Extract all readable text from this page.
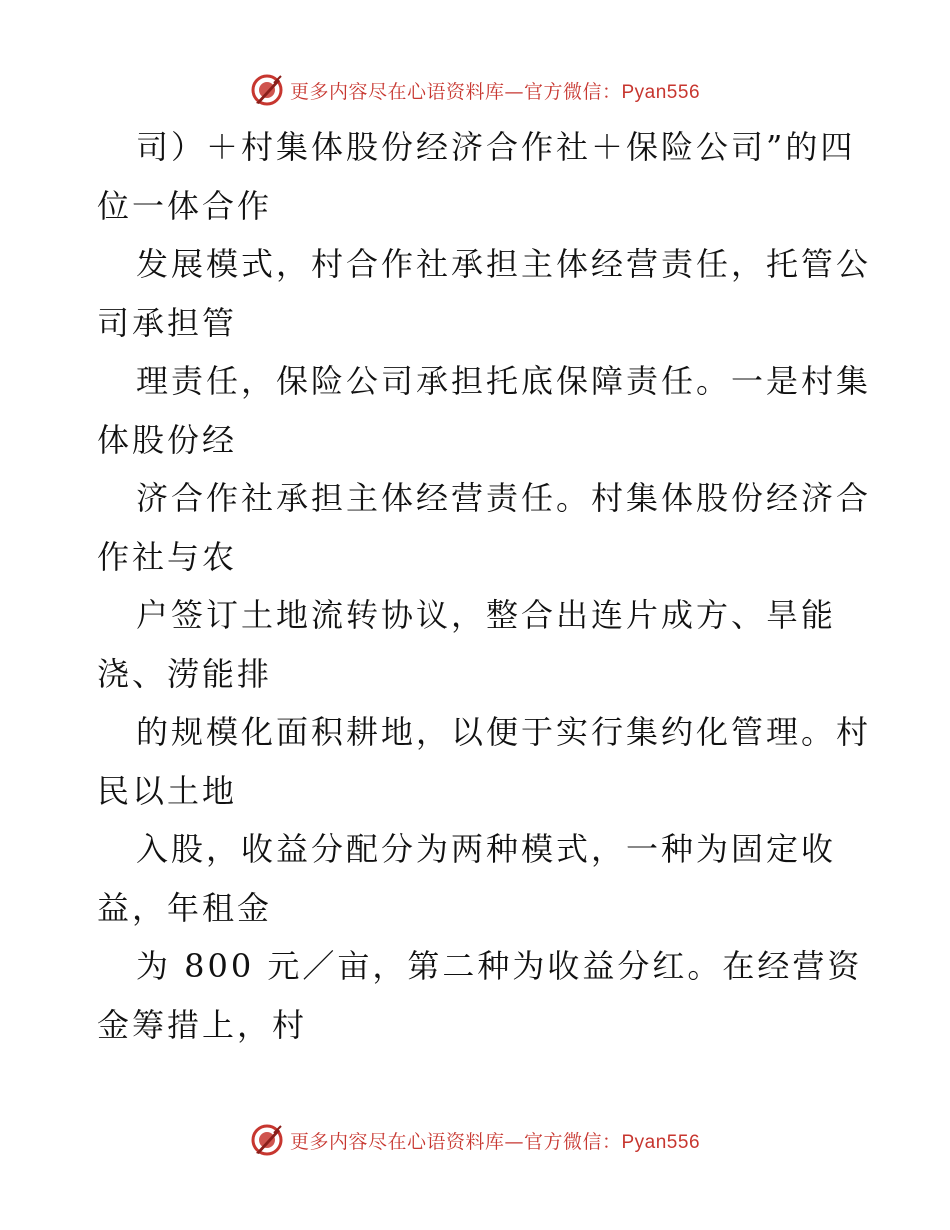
更多内容尽在心语资料库—官方微信：Pyan556
司）＋村集体股份经济合作社＋保险公司”的四
位一体合作
发展模式，村合作社承担主体经营责任，托管公
司承担管
理责任，保险公司承担托底保障责任。一是村集
体股份经
济合作社承担主体经营责任。村集体股份经济合
作社与农
户签订土地流转协议，整合出连片成方、旱能
浇、涝能排
的规模化面积耕地，以便于实行集约化管理。村
民以土地
入股，收益分配分为两种模式，一种为固定收
益，年租金
为 800 元／亩，第二种为收益分红。在经营资
金筹措上，村
更多内容尽在心语资料库—官方微信：Pyan556
